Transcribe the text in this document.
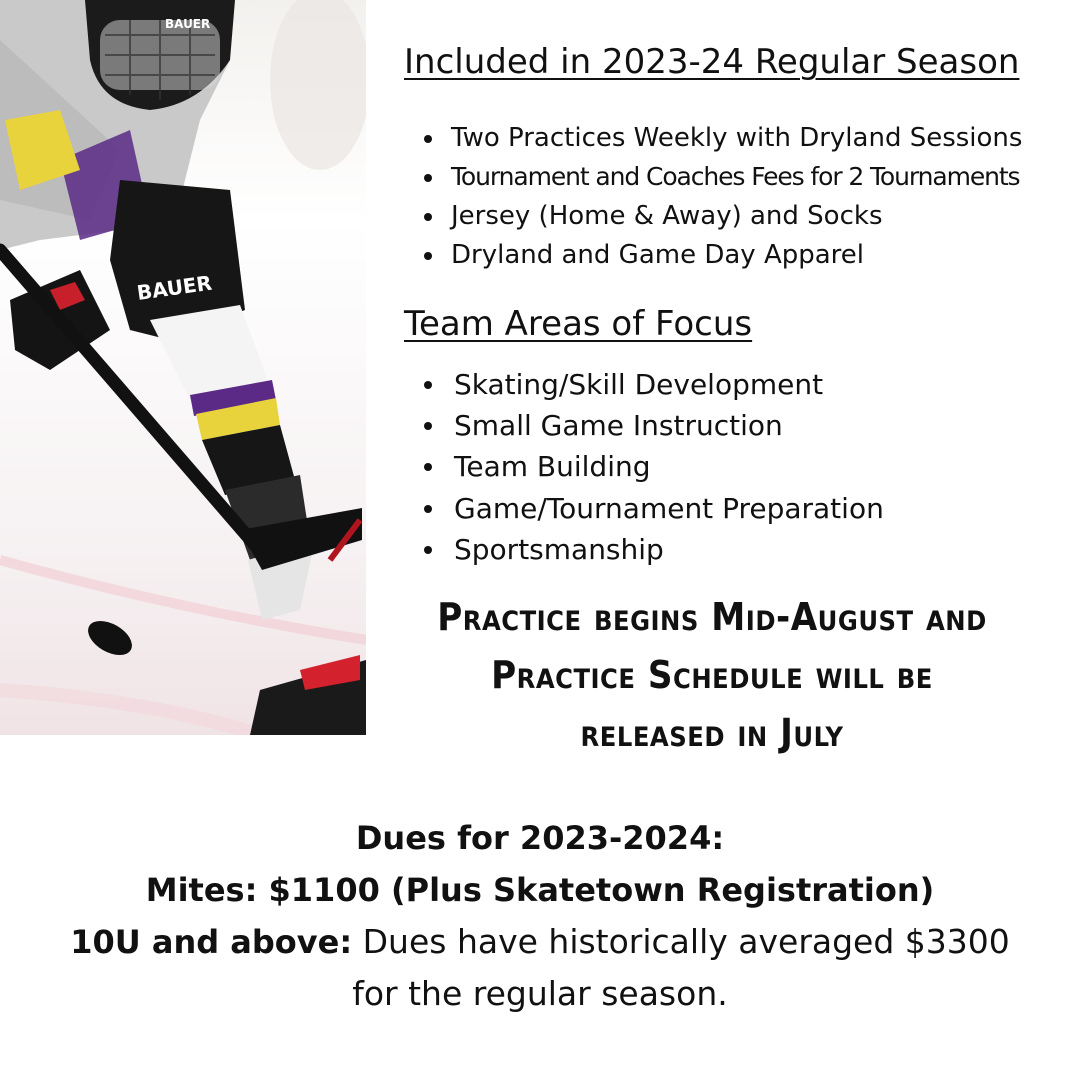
BAUER
BAUER
Included in 2023-24 Regular Season
Two Practices Weekly with Dryland Sessions
Tournament and Coaches Fees for 2 Tournaments
Jersey (Home & Away) and Socks
Dryland and Game Day Apparel
Team Areas of Focus
Skating/Skill Development
Small Game Instruction
Team Building
Game/Tournament Preparation
Sportsmanship

Practice begins Mid-August and
Practice Schedule will be
released in July

Dues for 2023-2024:
Mites: $1100 (Plus Skatetown Registration)
10U and above: Dues have historically averaged $3300
for the regular season.
